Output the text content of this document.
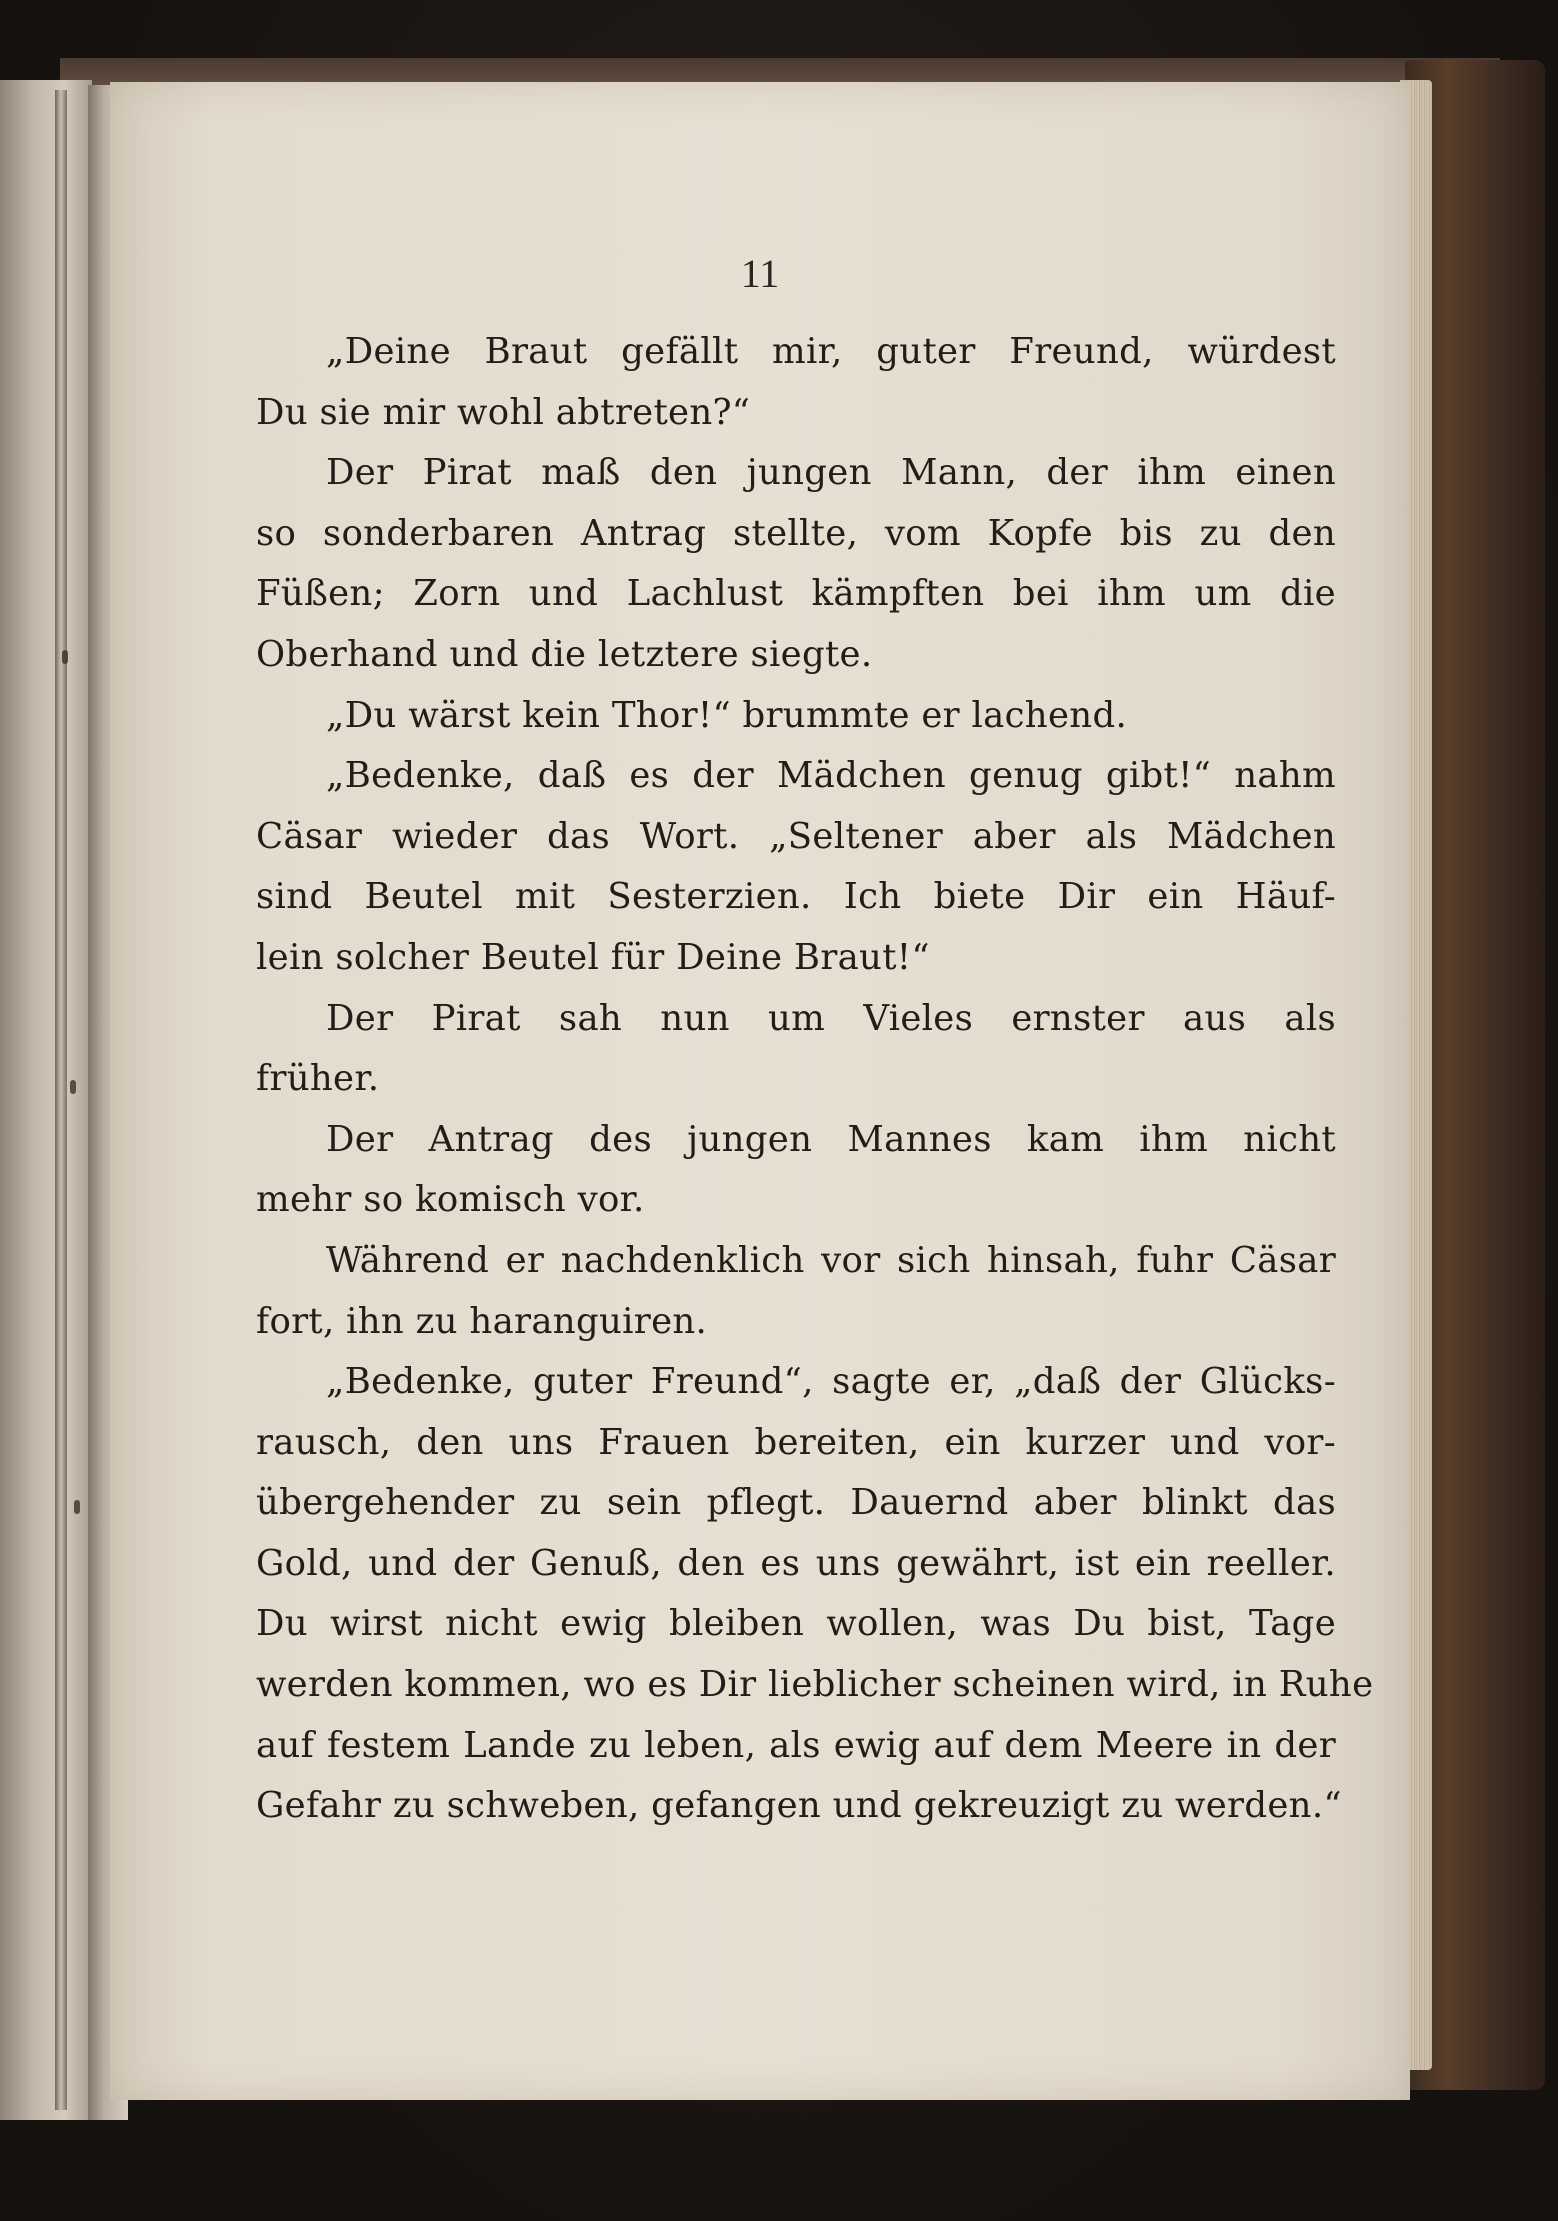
11
„Deine Braut gefällt mir, guter Freund, würdest
Du sie mir wohl abtreten?“
Der Pirat maß den jungen Mann, der ihm einen
so sonderbaren Antrag stellte, vom Kopfe bis zu den
Füßen; Zorn und Lachlust kämpften bei ihm um die
Oberhand und die letztere siegte.
„Du wärst kein Thor!“ brummte er lachend.
„Bedenke, daß es der Mädchen genug gibt!“ nahm
Cäsar wieder das Wort. „Seltener aber als Mädchen
sind Beutel mit Sesterzien. Ich biete Dir ein Häuf-
lein solcher Beutel für Deine Braut!“
Der Pirat sah nun um Vieles ernster aus als
früher.
Der Antrag des jungen Mannes kam ihm nicht
mehr so komisch vor.
Während er nachdenklich vor sich hinsah, fuhr Cäsar
fort, ihn zu haranguiren.
„Bedenke, guter Freund“, sagte er, „daß der Glücks-
rausch, den uns Frauen bereiten, ein kurzer und vor-
übergehender zu sein pflegt. Dauernd aber blinkt das
Gold, und der Genuß, den es uns gewährt, ist ein reeller.
Du wirst nicht ewig bleiben wollen, was Du bist, Tage
werden kommen, wo es Dir lieblicher scheinen wird, in Ruhe
auf festem Lande zu leben, als ewig auf dem Meere in der
Gefahr zu schweben, gefangen und gekreuzigt zu werden.“
